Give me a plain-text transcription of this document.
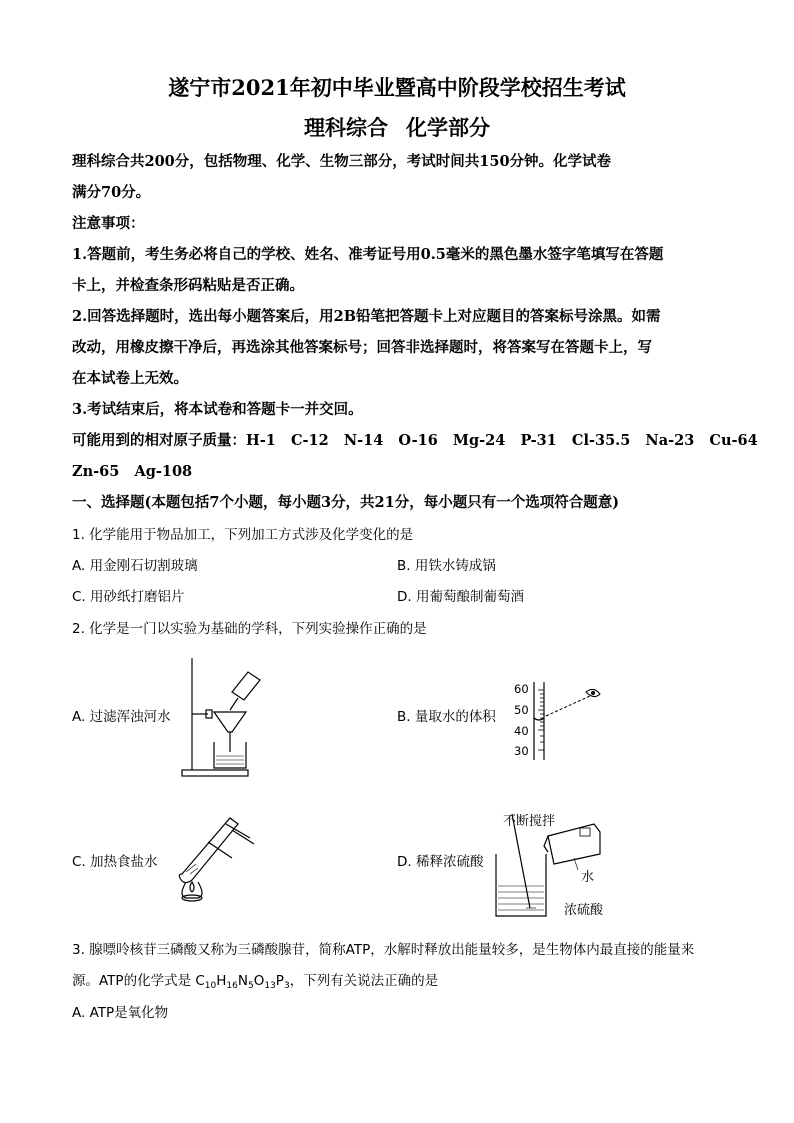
遂宁市2021年初中毕业暨高中阶段学校招生考试
理科综合 化学部分
理科综合共200分，包括物理、化学、生物三部分，考试时间共150分钟。化学试卷
满分70分。
注意事项：
1.答题前，考生务必将自己的学校、姓名、准考证号用0.5毫米的黑色墨水签字笔填写在答题
卡上，并检查条形码粘贴是否正确。
2.回答选择题时，选出每小题答案后，用2B铅笔把答题卡上对应题目的答案标号涂黑。如需
改动，用橡皮擦干净后，再选涂其他答案标号；回答非选择题时，将答案写在答题卡上，写
在本试卷上无效。
3.考试结束后，将本试卷和答题卡一并交回。
可能用到的相对原子质量：H-1   C-12   N-14   O-16   Mg-24   P-31   Cl-35.5   Na-23   Cu-64
Zn-65   Ag-108
一、选择题(本题包括7个小题，每小题3分，共21分，每小题只有一个选项符合题意)
1. 化学能用于物品加工，下列加工方式涉及化学变化的是
A. 用金刚石切割玻璃	B. 用铁水铸成锅
C. 用砂纸打磨铝片	D. 用葡萄酿制葡萄酒
2. 化学是一门以实验为基础的学科，下列实验操作正确的是
A. 过滤浑浊河水	B. 量取水的体积
C. 加热食盐水	D. 稀释浓硫酸
60
50
40
30
不断搅拌
水
浓硫酸
3. 腺嘌呤核苷三磷酸又称为三磷酸腺苷，简称ATP，水解时释放出能量较多，是生物体内最直接的能量来
源。ATP的化学式是 $C_{10}H_{16}N_5O_{13}P_3$，下列有关说法正确的是
A. ATP是氧化物
